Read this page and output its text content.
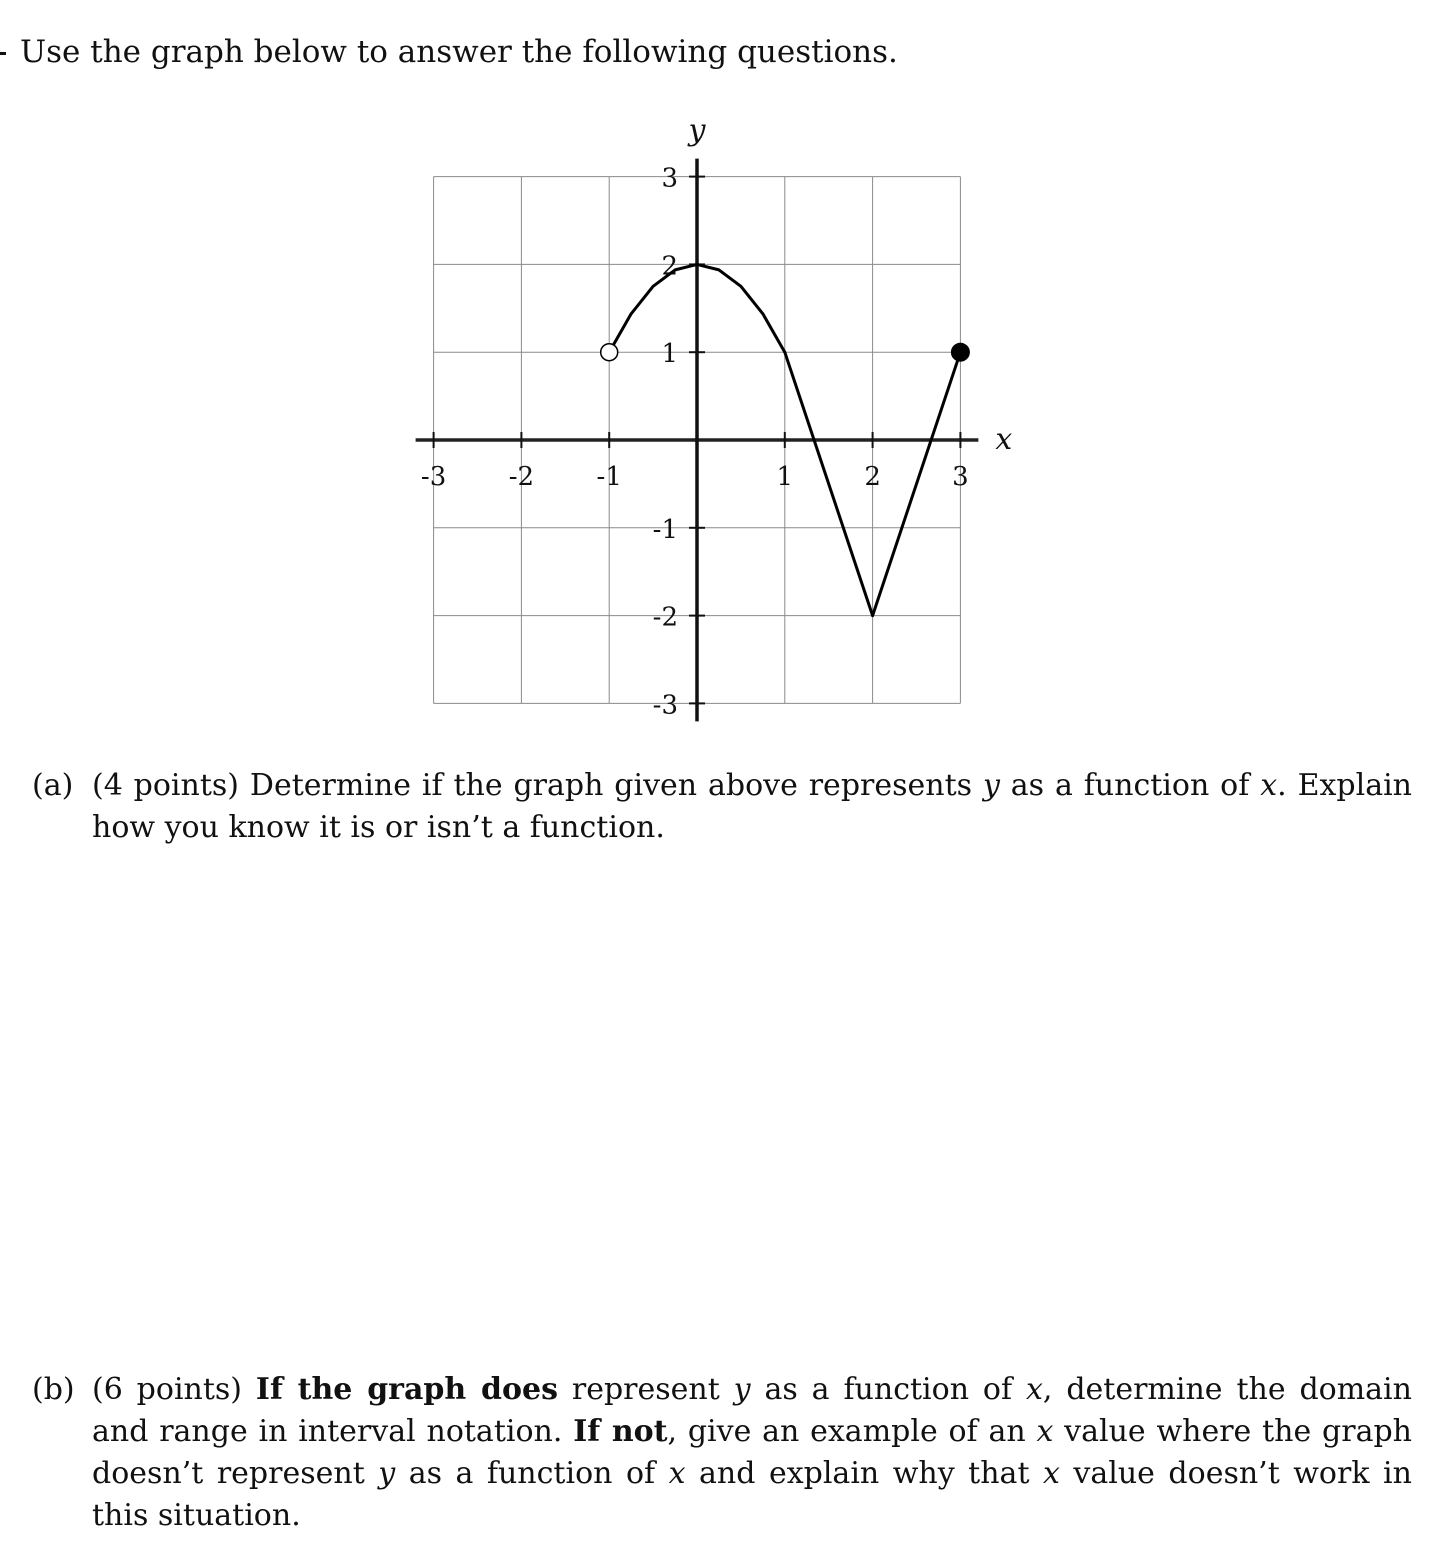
Use the graph below to answer the following questions.
-3 -2 -1	1	2	3
3
2
1
-1
-2
-3
x
y
(a) (4 points) Determine if the graph given above represents y as a function of x. Explain how you know it is or isn’t a function.
(b) (6 points) If the graph does represent y as a function of x, determine the domain and range in interval notation. If not, give an example of an x value where the graph doesn’t represent y as a function of x and explain why that x value doesn’t work in this situation.
